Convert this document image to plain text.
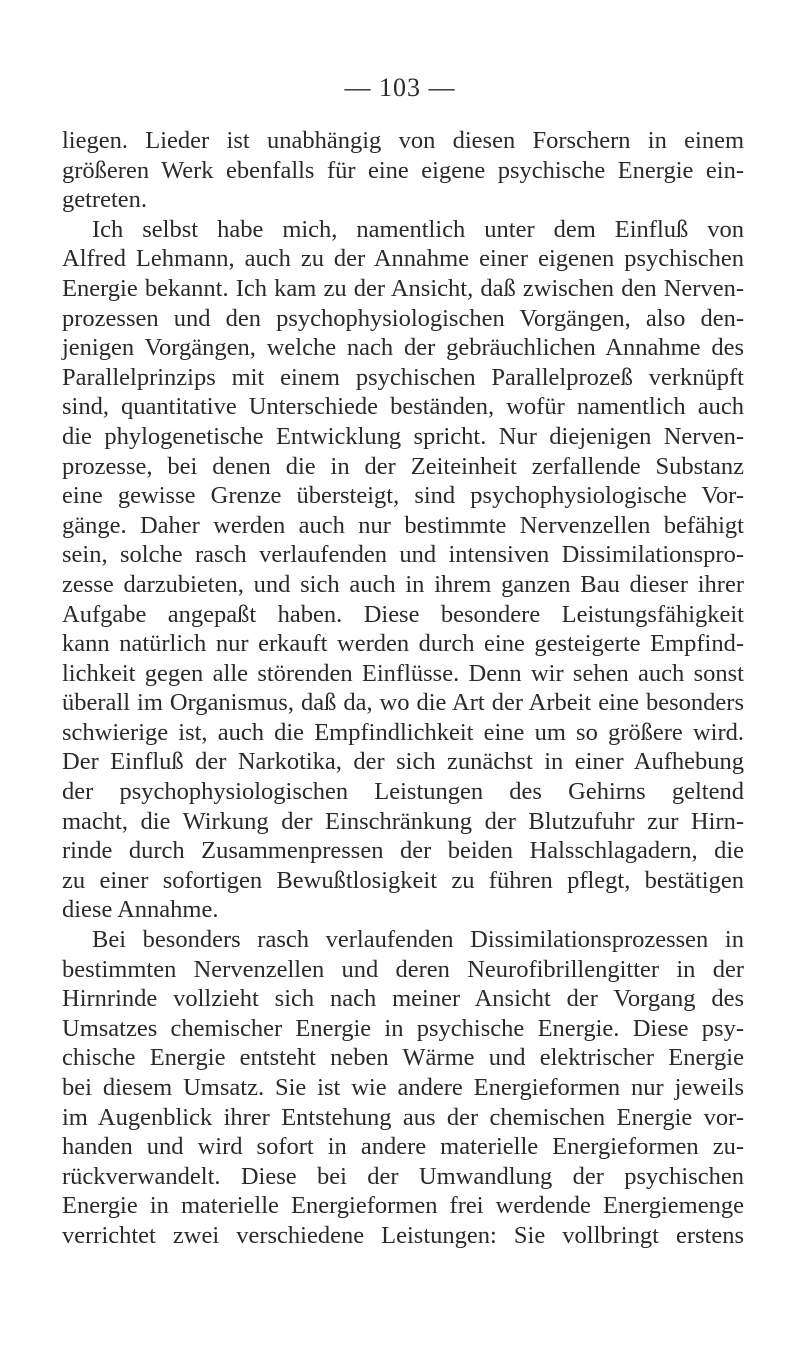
— 103 —
liegen. Lieder ist unabhängig von diesen Forschern in einem
größeren Werk ebenfalls für eine eigene psychische Energie ein-
getreten.
Ich selbst habe mich, namentlich unter dem Einfluß von
Alfred Lehmann, auch zu der Annahme einer eigenen psychischen
Energie bekannt. Ich kam zu der Ansicht, daß zwischen den Nerven-
prozessen und den psychophysiologischen Vorgängen, also den-
jenigen Vorgängen, welche nach der gebräuchlichen Annahme des
Parallelprinzips mit einem psychischen Parallelprozeß verknüpft
sind, quantitative Unterschiede beständen, wofür namentlich auch
die phylogenetische Entwicklung spricht. Nur diejenigen Nerven-
prozesse, bei denen die in der Zeiteinheit zerfallende Substanz
eine gewisse Grenze übersteigt, sind psychophysiologische Vor-
gänge. Daher werden auch nur bestimmte Nervenzellen befähigt
sein, solche rasch verlaufenden und intensiven Dissimilationspro-
zesse darzubieten, und sich auch in ihrem ganzen Bau dieser ihrer
Aufgabe angepaßt haben. Diese besondere Leistungsfähigkeit
kann natürlich nur erkauft werden durch eine gesteigerte Empfind-
lichkeit gegen alle störenden Einflüsse. Denn wir sehen auch sonst
überall im Organismus, daß da, wo die Art der Arbeit eine besonders
schwierige ist, auch die Empfindlichkeit eine um so größere wird.
Der Einfluß der Narkotika, der sich zunächst in einer Aufhebung
der psychophysiologischen Leistungen des Gehirns geltend
macht, die Wirkung der Einschränkung der Blutzufuhr zur Hirn-
rinde durch Zusammenpressen der beiden Halsschlagadern, die
zu einer sofortigen Bewußtlosigkeit zu führen pflegt, bestätigen
diese Annahme.
Bei besonders rasch verlaufenden Dissimilationsprozessen in
bestimmten Nervenzellen und deren Neurofibrillengitter in der
Hirnrinde vollzieht sich nach meiner Ansicht der Vorgang des
Umsatzes chemischer Energie in psychische Energie. Diese psy-
chische Energie entsteht neben Wärme und elektrischer Energie
bei diesem Umsatz. Sie ist wie andere Energieformen nur jeweils
im Augenblick ihrer Entstehung aus der chemischen Energie vor-
handen und wird sofort in andere materielle Energieformen zu-
rückverwandelt. Diese bei der Umwandlung der psychischen
Energie in materielle Energieformen frei werdende Energiemenge
verrichtet zwei verschiedene Leistungen: Sie vollbringt erstens
